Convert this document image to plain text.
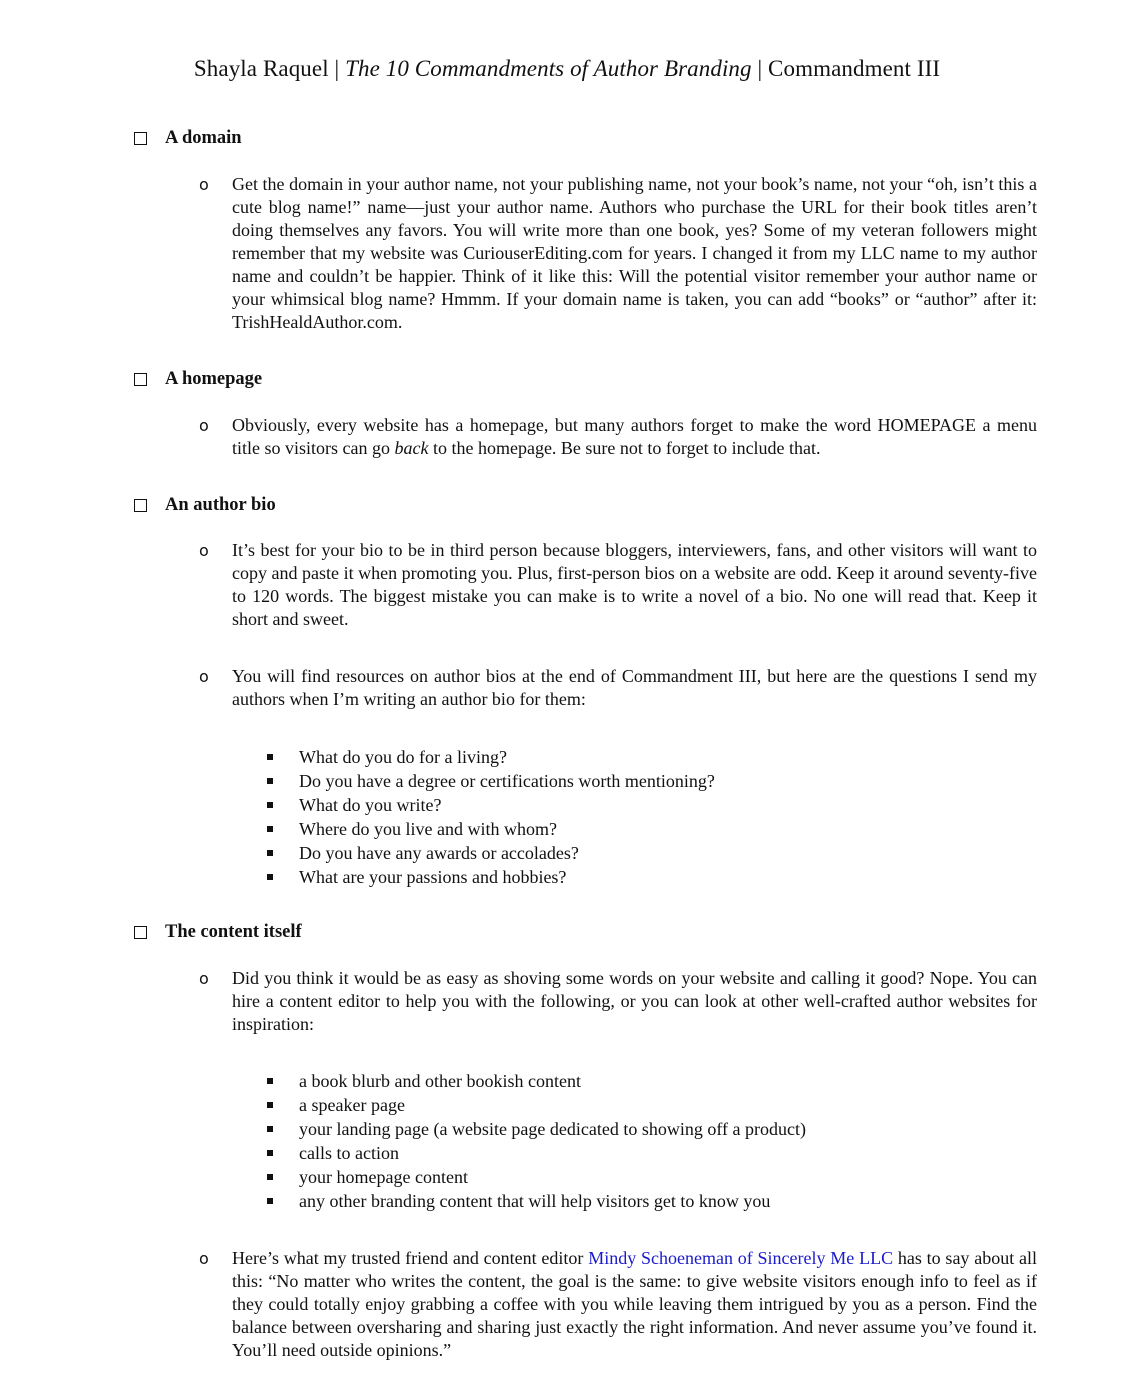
Shayla Raquel | The 10 Commandments of Author Branding | Commandment III
A domain
o Get the domain in your author name, not your publishing name, not your book’s name, not your “oh, isn’t this a cute blog name!” name—just your author name. Authors who purchase the URL for their book titles aren’t doing themselves any favors. You will write more than one book, yes? Some of my veteran followers might remember that my website was CuriouserEditing.com for years. I changed it from my LLC name to my author name and couldn’t be happier. Think of it like this: Will the potential visitor remember your author name or your whimsical blog name? Hmmm. If your domain name is taken, you can add “books” or “author” after it: TrishHealdAuthor.com.
A homepage
o Obviously, every website has a homepage, but many authors forget to make the word HOMEPAGE a menu title so visitors can go back to the homepage. Be sure not to forget to include that.
An author bio
o It’s best for your bio to be in third person because bloggers, interviewers, fans, and other visitors will want to copy and paste it when promoting you. Plus, first-person bios on a website are odd. Keep it around seventy-five to 120 words. The biggest mistake you can make is to write a novel of a bio. No one will read that. Keep it short and sweet.
o You will find resources on author bios at the end of Commandment III, but here are the questions I send my authors when I’m writing an author bio for them:
What do you do for a living?
Do you have a degree or certifications worth mentioning?
What do you write?
Where do you live and with whom?
Do you have any awards or accolades?
What are your passions and hobbies?
The content itself
o Did you think it would be as easy as shoving some words on your website and calling it good? Nope. You can hire a content editor to help you with the following, or you can look at other well-crafted author websites for inspiration:
a book blurb and other bookish content
a speaker page
your landing page (a website page dedicated to showing off a product)
calls to action
your homepage content
any other branding content that will help visitors get to know you
o Here’s what my trusted friend and content editor Mindy Schoeneman of Sincerely Me LLC has to say about all this: “No matter who writes the content, the goal is the same: to give website visitors enough info to feel as if they could totally enjoy grabbing a coffee with you while leaving them intrigued by you as a person. Find the balance between oversharing and sharing just exactly the right information. And never assume you’ve found it. You’ll need outside opinions.”
